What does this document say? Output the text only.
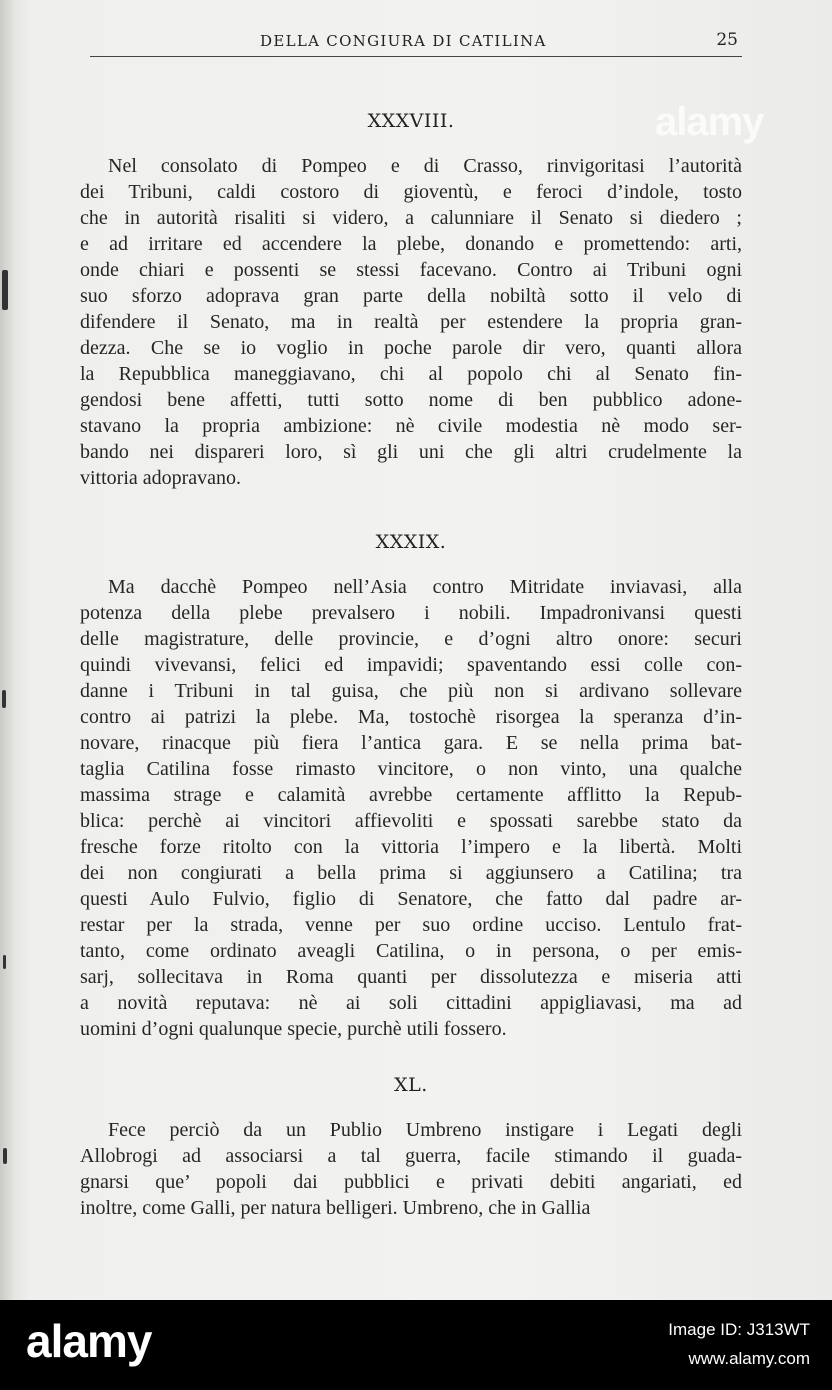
alamy
DELLA CONGIURA DI CATILINA	25
XXXVIII.
Nel consolato di Pompeo e di Crasso, rinvigoritasi l’autorità
dei Tribuni, caldi costoro di gioventù, e feroci d’indole, tosto
che in autorità risaliti si videro, a calunniare il Senato si diedero ;
e ad irritare ed accendere la plebe, donando e promettendo: arti,
onde chiari e possenti se stessi facevano. Contro ai Tribuni ogni
suo sforzo adoprava gran parte della nobiltà sotto il velo di
difendere il Senato, ma in realtà per estendere la propria gran-
dezza. Che se io voglio in poche parole dir vero, quanti allora
la Repubblica maneggiavano, chi al popolo chi al Senato fin-
gendosi bene affetti, tutti sotto nome di ben pubblico adone-
stavano la propria ambizione: nè civile modestia nè modo ser-
bando nei dispareri loro, sì gli uni che gli altri crudelmente la
vittoria adopravano.
XXXIX.
Ma dacchè Pompeo nell’Asia contro Mitridate inviavasi, alla
potenza della plebe prevalsero i nobili. Impadronivansi questi
delle magistrature, delle provincie, e d’ogni altro onore: securi
quindi vivevansi, felici ed impavidi; spaventando essi colle con-
danne i Tribuni in tal guisa, che più non si ardivano sollevare
contro ai patrizi la plebe. Ma, tostochè risorgea la speranza d’in-
novare, rinacque più fiera l’antica gara. E se nella prima bat-
taglia Catilina fosse rimasto vincitore, o non vinto, una qualche
massima strage e calamità avrebbe certamente afflitto la Repub-
blica: perchè ai vincitori affievoliti e spossati sarebbe stato da
fresche forze ritolto con la vittoria l’impero e la libertà. Molti
dei non congiurati a bella prima si aggiunsero a Catilina; tra
questi Aulo Fulvio, figlio di Senatore, che fatto dal padre ar-
restar per la strada, venne per suo ordine ucciso. Lentulo frat-
tanto, come ordinato aveagli Catilina, o in persona, o per emis-
sarj, sollecitava in Roma quanti per dissolutezza e miseria atti
a novità reputava: nè ai soli cittadini appigliavasi, ma ad
uomini d’ogni qualunque specie, purchè utili fossero.
XL.
Fece perciò da un Publio Umbreno instigare i Legati degli
Allobrogi ad associarsi a tal guerra, facile stimando il guada-
gnarsi que’ popoli dai pubblici e privati debiti angariati, ed
inoltre, come Galli, per natura belligeri. Umbreno, che in Gallia
alamy	Image ID: J313WT
www.alamy.com
